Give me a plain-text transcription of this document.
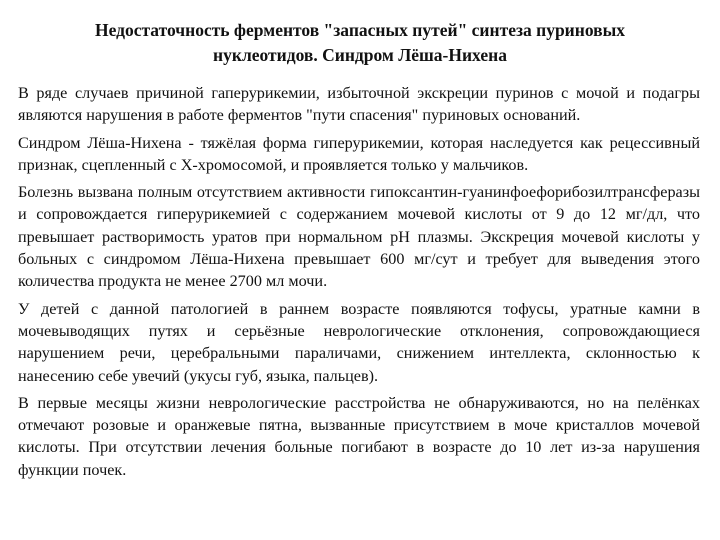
Недостаточность ферментов "запасных путей" синтеза пуриновых
нуклеотидов. Синдром Лёша-Нихена

В ряде случаев причиной гаперурикемии, избыточной экскреции пуринов с мочой и подагры являются нарушения в работе ферментов "пути спасения" пуриновых оснований.

Синдром Лёша-Нихена - тяжёлая форма гиперурикемии, которая наследуется как рецессивный признак, сцепленный с Х-хромосомой, и проявляется только у мальчиков.

Болезнь вызвана полным отсутствием активности гипоксантин-гуанинфоефорибозилтрансферазы и сопровождается гиперурикемией с содержанием мочевой кислоты от 9 до 12 мг/дл, что превышает растворимость уратов при нормальном pH плазмы. Экскреция мочевой кислоты у больных с синдромом Лёша-Нихена превышает 600 мг/сут и требует для выведения этого количества продукта не менее 2700 мл мочи.

У детей с данной патологией в раннем возрасте появляются тофусы, уратные камни в мочевыводящих путях и серьёзные неврологические отклонения, сопровождающиеся нарушением речи, церебральными параличами, снижением интеллекта, склонностью к нанесению себе увечий (укусы губ, языка, пальцев).

В первые месяцы жизни неврологические расстройства не обнаруживаются, но на пелёнках отмечают розовые и оранжевые пятна, вызванные присутствием в моче кристаллов мочевой кислоты. При отсутствии лечения больные погибают в возрасте до 10 лет из-за нарушения функции почек.
